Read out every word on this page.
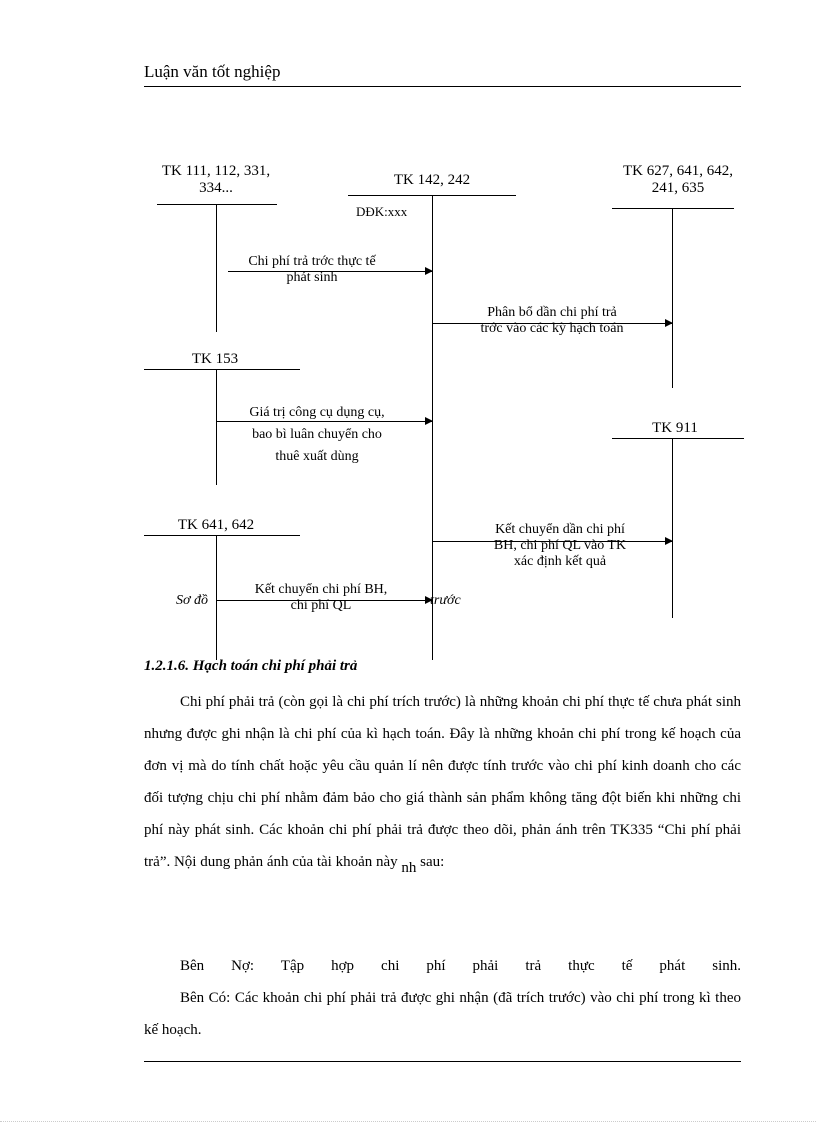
Luận văn tốt nghiệp
TK 111, 112, 331,
334...	TK 142, 242
DĐK:xxx
TK 627, 641, 642,
241, 635
Chi phí trả trớc thực tế
phát sinh
Phân bổ dần chi phí trả
trớc vào các kỳ hạch toán
TK 153
Giá trị công cụ dụng cụ,
bao bì luân chuyển cho
thuê xuất dùng
TK 911
TK 641, 642	Kết chuyển dần chi phí
BH, chi phí QL vào TK
xác định kết quả
Kết chuyển chi phí BH,
chi phí QL
Sơ đồ	trước
1.2.1.6. Hạch toán chi phí phải trả
Chi phí phải trả (còn gọi là chi phí trích trước) là những khoản chi phí thực tế chưa phát sinh nhưng được ghi nhận là chi phí của kì hạch toán. Đây là những khoản chi phí trong kế hoạch của đơn vị mà do tính chất hoặc yêu cầu quản lí nên được tính trước vào chi phí kinh doanh cho các đối tượng chịu chi phí nhằm đảm bảo cho giá thành sản phẩm không tăng đột biến khi những chi phí này phát sinh. Các khoản chi phí phải trả được theo dõi, phản ánh trên TK335 “Chi phí phải trả”. Nội dung phản ánh của tài khoản này nh sau:
Bên Nợ: Tập hợp chi phí phải trả thực tế phát sinh.
Bên Có: Các khoản chi phí phải trả được ghi nhận (đã trích trước) vào chi phí trong kì theo kế hoạch.
